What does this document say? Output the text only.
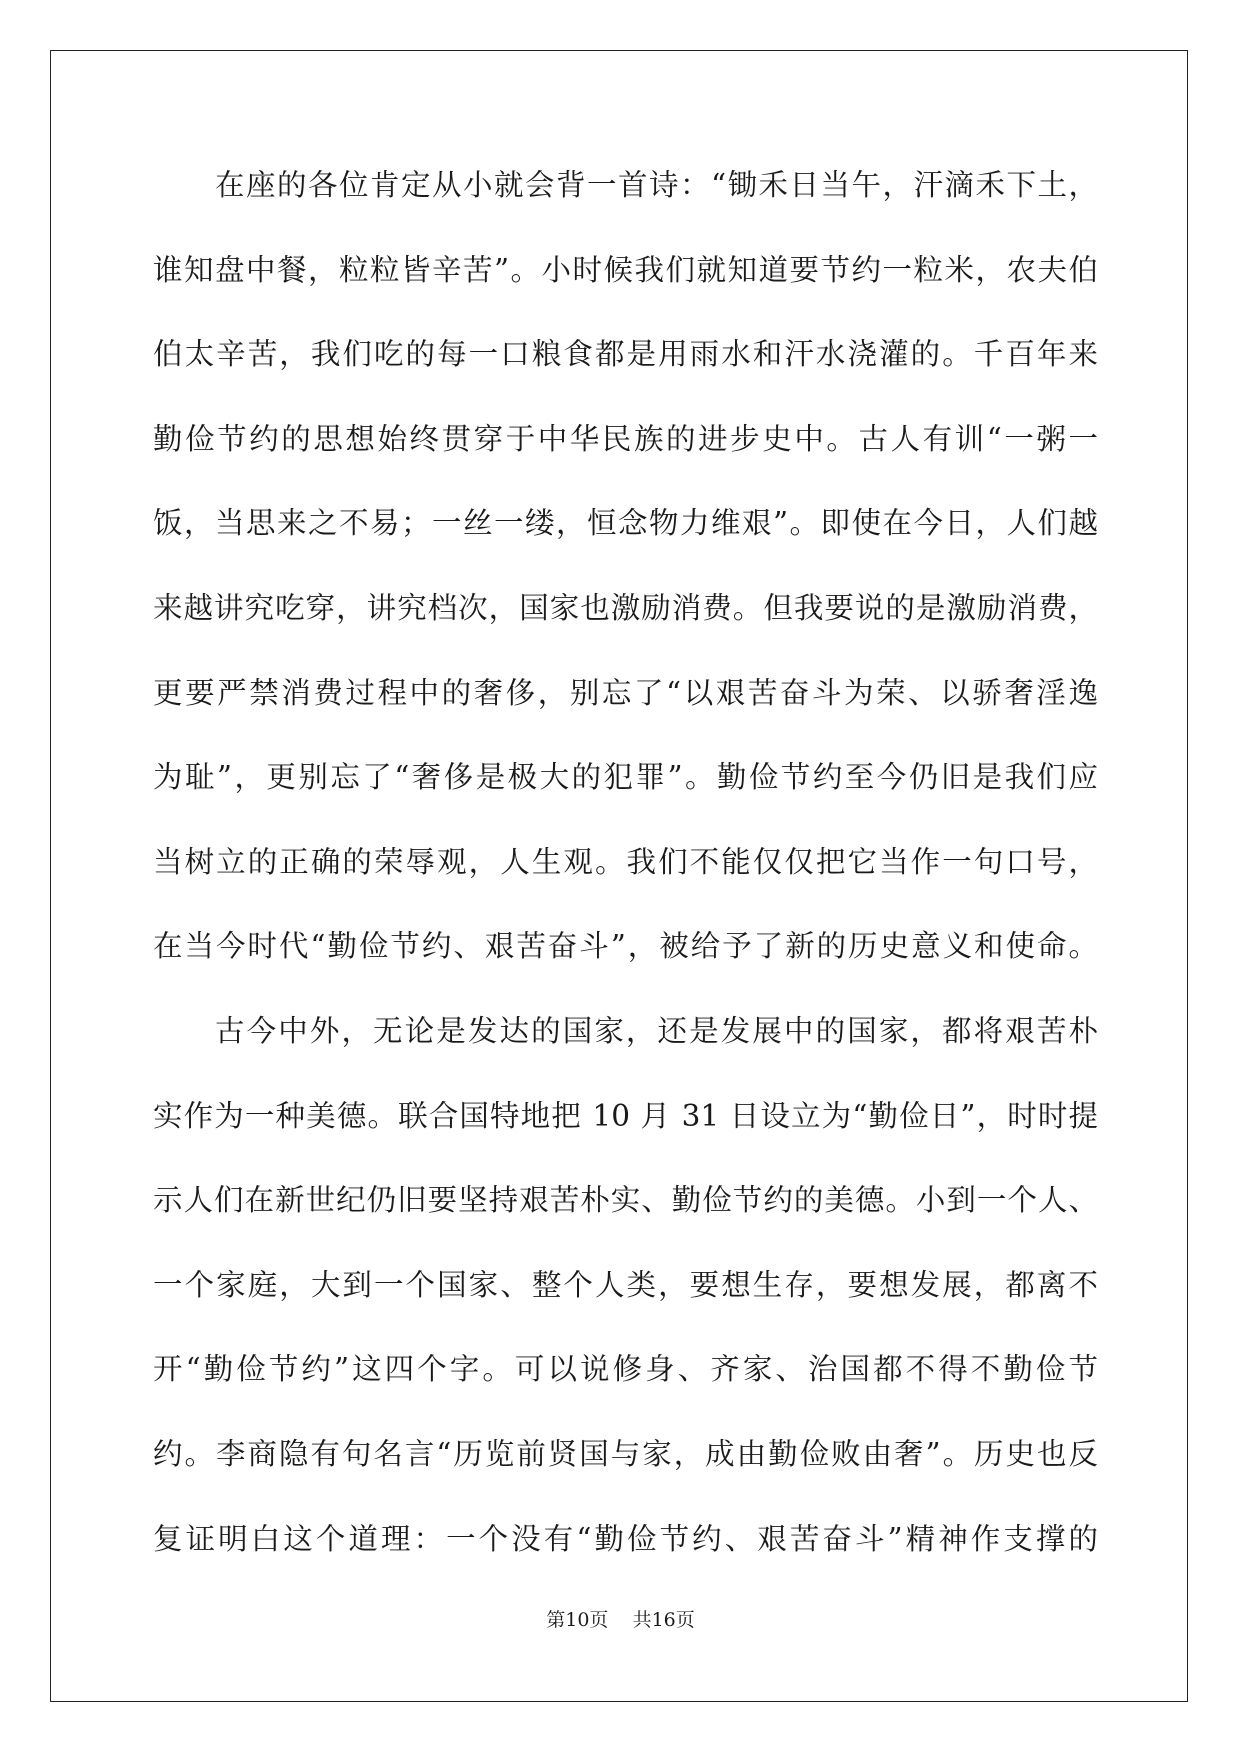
在座的各位肯定从小就会背一首诗：“锄禾日当午，汗滴禾下土，
谁知盘中餐，粒粒皆辛苦”。小时候我们就知道要节约一粒米，农夫伯
伯太辛苦，我们吃的每一口粮食都是用雨水和汗水浇灌的。千百年来
勤俭节约的思想始终贯穿于中华民族的进步史中。古人有训“一粥一
饭，当思来之不易；一丝一缕，恒念物力维艰”。即使在今日，人们越
来越讲究吃穿，讲究档次，国家也激励消费。但我要说的是激励消费，
更要严禁消费过程中的奢侈，别忘了“以艰苦奋斗为荣、以骄奢淫逸
为耻”，更别忘了“奢侈是极大的犯罪”。勤俭节约至今仍旧是我们应
当树立的正确的荣辱观，人生观。我们不能仅仅把它当作一句口号，
在当今时代“勤俭节约、艰苦奋斗”，被给予了新的历史意义和使命。
古今中外，无论是发达的国家，还是发展中的国家，都将艰苦朴
实作为一种美德。联合国特地把 10 月 31 日设立为“勤俭日”，时时提
示人们在新世纪仍旧要坚持艰苦朴实、勤俭节约的美德。小到一个人、
一个家庭，大到一个国家、整个人类，要想生存，要想发展，都离不
开“勤俭节约”这四个字。可以说修身、齐家、治国都不得不勤俭节
约。李商隐有句名言“历览前贤国与家，成由勤俭败由奢”。历史也反
复证明白这个道理：一个没有“勤俭节约、艰苦奋斗”精神作支撑的
第10页    共16页
